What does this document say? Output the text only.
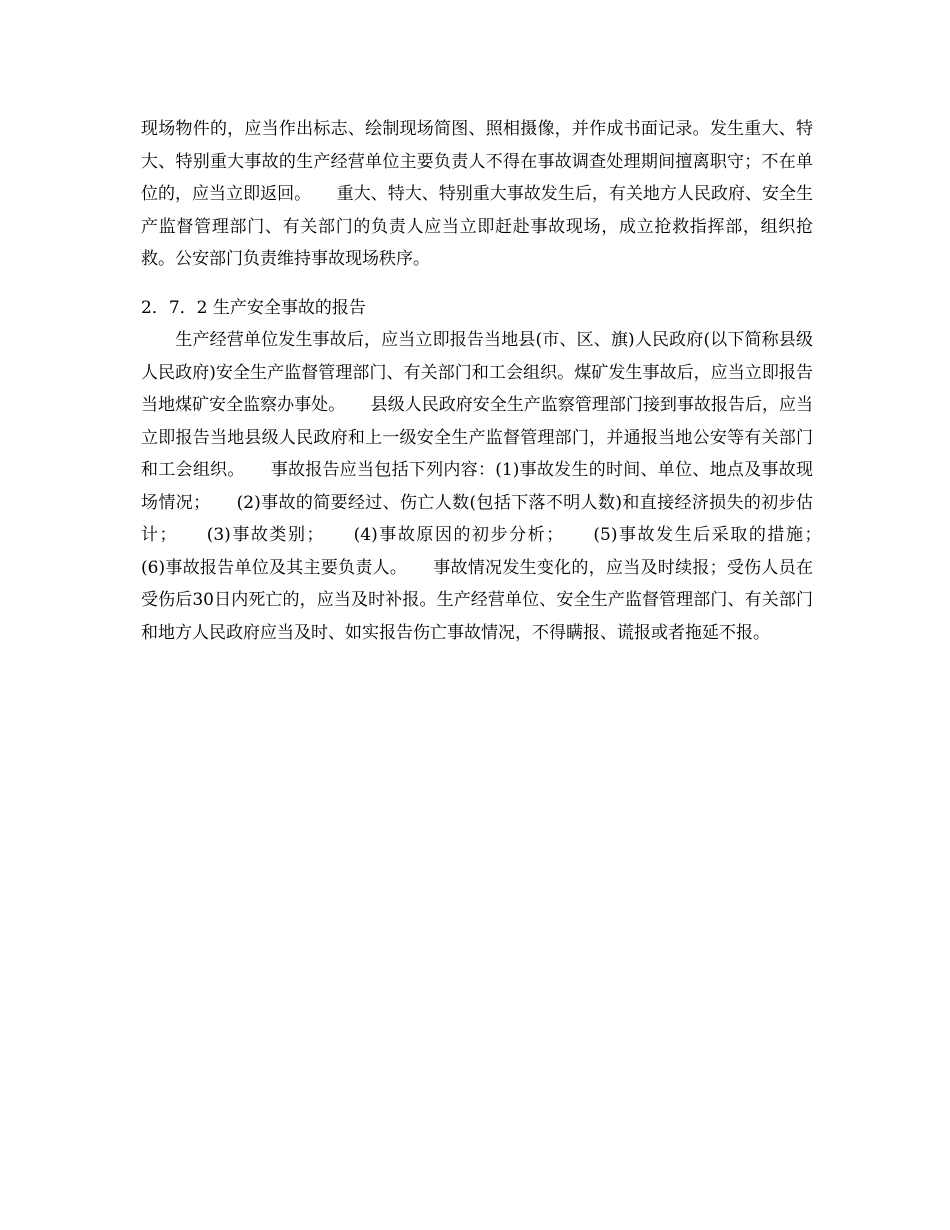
现场物件的，应当作出标志、绘制现场简图、照相摄像，并作成书面记录。发生重大、特大、特别重大事故的生产经营单位主要负责人不得在事故调查处理期间擅离职守；不在单位的，应当立即返回。　　重大、特大、特别重大事故发生后，有关地方人民政府、安全生产监督管理部门、有关部门的负责人应当立即赶赴事故现场，成立抢救指挥部，组织抢救。公安部门负责维持事故现场秩序。
2．7．2 生产安全事故的报告
　　生产经营单位发生事故后，应当立即报告当地县(市、区、旗)人民政府(以下简称县级人民政府)安全生产监督管理部门、有关部门和工会组织。煤矿发生事故后，应当立即报告当地煤矿安全监察办事处。　　县级人民政府安全生产监察管理部门接到事故报告后，应当立即报告当地县级人民政府和上一级安全生产监督管理部门，并通报当地公安等有关部门和工会组织。　　事故报告应当包括下列内容：(1)事故发生的时间、单位、地点及事故现场情况；　　(2)事故的简要经过、伤亡人数(包括下落不明人数)和直接经济损失的初步估计；　　(3)事故类别；　　(4)事故原因的初步分析；　　(5)事故发生后采取的措施；　　(6)事故报告单位及其主要负责人。　　事故情况发生变化的，应当及时续报；受伤人员在受伤后30日内死亡的，应当及时补报。生产经营单位、安全生产监督管理部门、有关部门和地方人民政府应当及时、如实报告伤亡事故情况，不得瞒报、谎报或者拖延不报。
